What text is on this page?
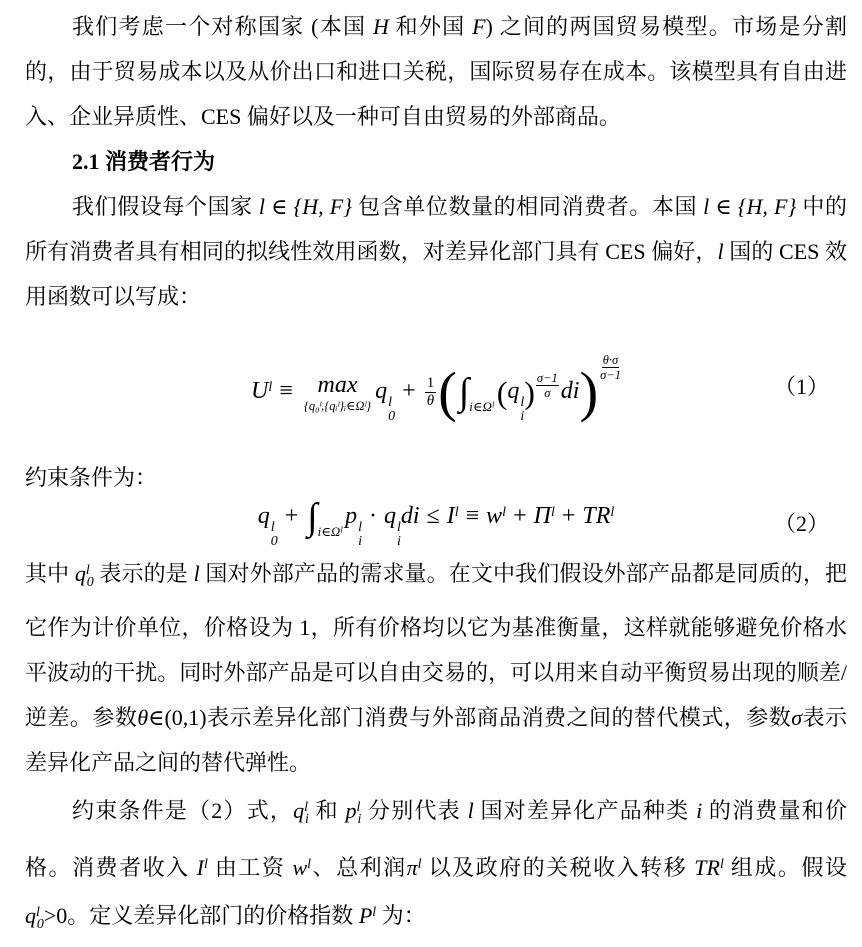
我们考虑一个对称国家 (本国 H 和外国 F) 之间的两国贸易模型。市场是分割的，由于贸易成本以及从价出口和进口关税，国际贸易存在成本。该模型具有自由进入、企业异质性、CES 偏好以及一种可自由贸易的外部商品。

2.1 消费者行为

我们假设每个国家 l ∈ {H, F} 包含单位数量的相同消费者。本国 l ∈ {H, F} 中的所有消费者具有相同的拟线性效用函数，对差异化部门具有 CES 偏好，l 国的 CES 效用函数可以写成：

$U^l \equiv \max$
{q₀ˡ,{qᵢˡ}ᵢ∈Ωˡ}
q l
0
+ $\frac{1}{\theta} (\int_{i\in\Omega ˡ}(q$ l
i
) $\frac{\sigma-1}{\sigma} di) \frac{\theta\cdot\sigma}{\sigma-1}$
（1）

约束条件为：

q l
0
+ $\int_{i\in\Omega ˡ}p$ l
i
· q l
i
di ≤ $I^l \equiv w^l + \Pi^l + TR^l$	（2）

其中 $q^l_0$ 表示的是 l 国对外部产品的需求量。在文中我们假设外部产品都是同质的，把它作为计价单位，价格设为 1，所有价格均以它为基准衡量，这样就能够避免价格水平波动的干扰。同时外部产品是可以自由交易的，可以用来自动平衡贸易出现的顺差/逆差。参数θ∈(0,1)表示差异化部门消费与外部商品消费之间的替代模式，参数σ表示差异化产品之间的替代弹性。

约束条件是（2）式，$q^l_i$ 和 $p^l_i$ 分别代表 l 国对差异化产品种类 i 的消费量和价格。消费者收入 $I^l$ 由工资 $w^l$、总利润$\pi^l$ 以及政府的关税收入转移 $TR^l$ 组成。假设 $q^l_0>0$。定义差异化部门的价格指数 $P^l$ 为：
